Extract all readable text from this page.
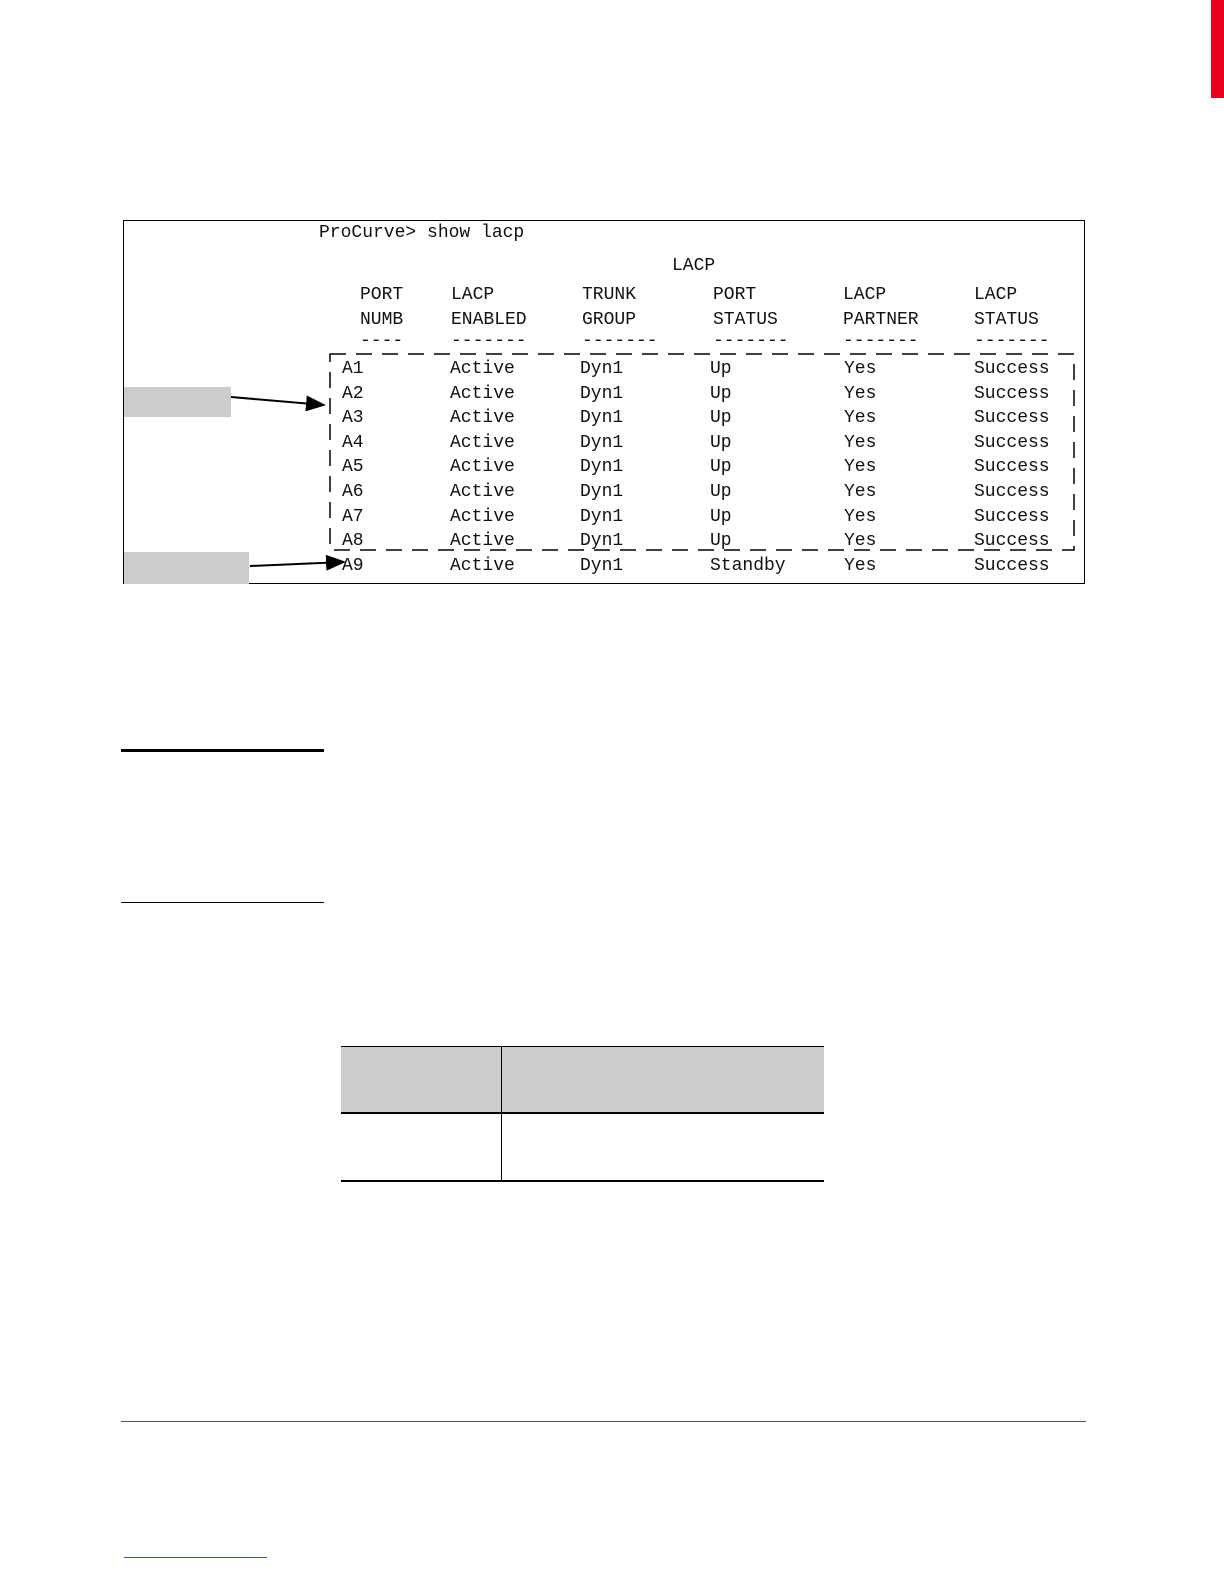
ProCurve> show lacp
LACP
PORT	LACP	TRUNK	PORT	LACP	LACP
NUMB	ENABLED	GROUP	STATUS	PARTNER	STATUS
----	-------	-------	-------	-------	-------
A1	Active	Dyn1	Up	Yes	Success
A2	Active	Dyn1	Up	Yes	Success
A3	Active	Dyn1	Up	Yes	Success
A4	Active	Dyn1	Up	Yes	Success
A5	Active	Dyn1	Up	Yes	Success
A6	Active	Dyn1	Up	Yes	Success
A7	Active	Dyn1	Up	Yes	Success
A8	Active	Dyn1	Up	Yes	Success
A9	Active	Dyn1	Standby	Yes	Success
